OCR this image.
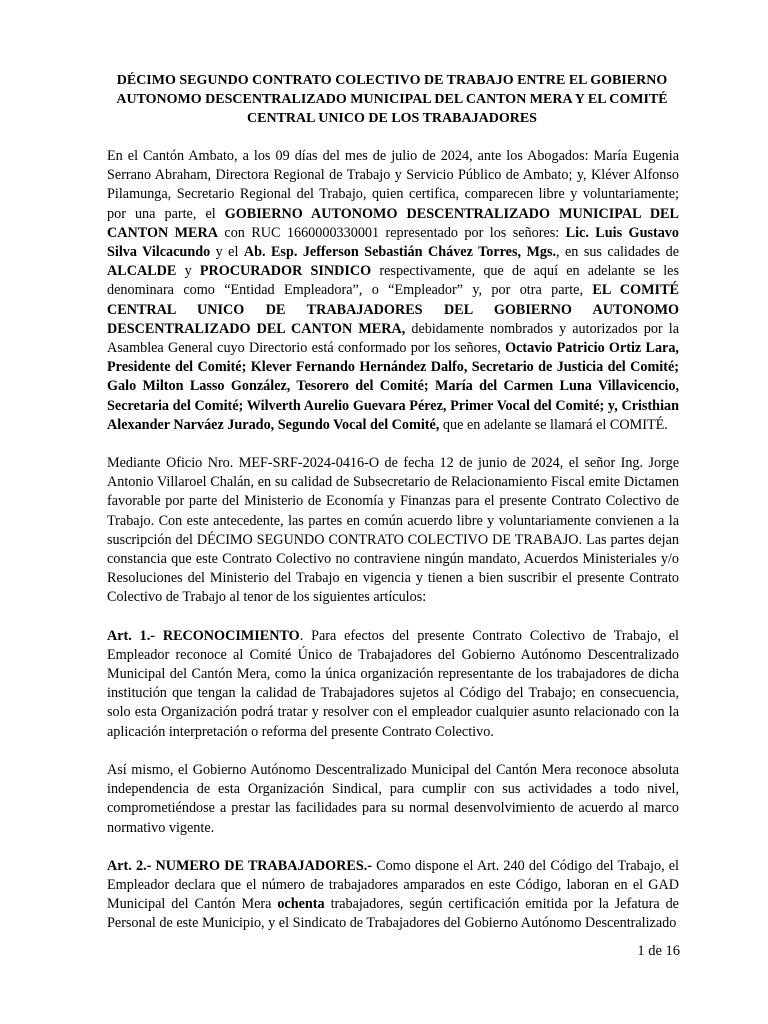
DÉCIMO SEGUNDO CONTRATO COLECTIVO DE TRABAJO ENTRE EL GOBIERNO
AUTONOMO DESCENTRALIZADO MUNICIPAL DEL CANTON MERA Y EL COMITÉ
CENTRAL UNICO DE LOS TRABAJADORES

En el Cantón Ambato, a los 09 días del mes de julio de 2024, ante los Abogados: María Eugenia Serrano Abraham, Directora Regional de Trabajo y Servicio Público de Ambato; y, Kléver Alfonso Pilamunga, Secretario Regional del Trabajo, quien certifica, comparecen libre y voluntariamente; por una parte, el GOBIERNO AUTONOMO DESCENTRALIZADO MUNICIPAL DEL CANTON MERA con RUC 1660000330001 representado por los señores: Lic. Luis Gustavo Silva Vilcacundo y el Ab. Esp. Jefferson Sebastián Chávez Torres, Mgs., en sus calidades de ALCALDE y PROCURADOR SINDICO respectivamente, que de aquí en adelante se les denominara como “Entidad Empleadora”, o “Empleador” y, por otra parte, EL COMITÉ CENTRAL UNICO DE TRABAJADORES DEL GOBIERNO AUTONOMO DESCENTRALIZADO DEL CANTON MERA, debidamente nombrados y autorizados por la Asamblea General cuyo Directorio está conformado por los señores, Octavio Patricio Ortiz Lara, Presidente del Comité; Klever Fernando Hernández Dalfo, Secretario de Justicia del Comité; Galo Milton Lasso González, Tesorero del Comité; María del Carmen Luna Villavicencio, Secretaria del Comité; Wilverth Aurelio Guevara Pérez, Primer Vocal del Comité; y, Cristhian Alexander Narváez Jurado, Segundo Vocal del Comité, que en adelante se llamará el COMITÉ.

Mediante Oficio Nro. MEF-SRF-2024-0416-O de fecha 12 de junio de 2024, el señor Ing. Jorge Antonio Villaroel Chalán, en su calidad de Subsecretario de Relacionamiento Fiscal emite Dictamen favorable por parte del Ministerio de Economía y Finanzas para el presente Contrato Colectivo de Trabajo. Con este antecedente, las partes en común acuerdo libre y voluntariamente convienen a la suscripción del DÉCIMO SEGUNDO CONTRATO COLECTIVO DE TRABAJO. Las partes dejan constancia que este Contrato Colectivo no contraviene ningún mandato, Acuerdos Ministeriales y/o Resoluciones del Ministerio del Trabajo en vigencia y tienen a bien suscribir el presente Contrato Colectivo de Trabajo al tenor de los siguientes artículos:

Art. 1.- RECONOCIMIENTO. Para efectos del presente Contrato Colectivo de Trabajo, el Empleador reconoce al Comité Único de Trabajadores del Gobierno Autónomo Descentralizado Municipal del Cantón Mera, como la única organización representante de los trabajadores de dicha institución que tengan la calidad de Trabajadores sujetos al Código del Trabajo; en consecuencia, solo esta Organización podrá tratar y resolver con el empleador cualquier asunto relacionado con la aplicación interpretación o reforma del presente Contrato Colectivo.

Así mismo, el Gobierno Autónomo Descentralizado Municipal del Cantón Mera reconoce absoluta independencia de esta Organización Sindical, para cumplir con sus actividades a todo nivel, comprometiéndose a prestar las facilidades para su normal desenvolvimiento de acuerdo al marco normativo vigente.

Art. 2.- NUMERO DE TRABAJADORES.- Como dispone el Art. 240 del Código del Trabajo, el Empleador declara que el número de trabajadores amparados en este Código, laboran en el GAD Municipal del Cantón Mera ochenta trabajadores, según certificación emitida por la Jefatura de Personal de este Municipio, y el Sindicato de Trabajadores del Gobierno Autónomo Descentralizado

1 de 16
